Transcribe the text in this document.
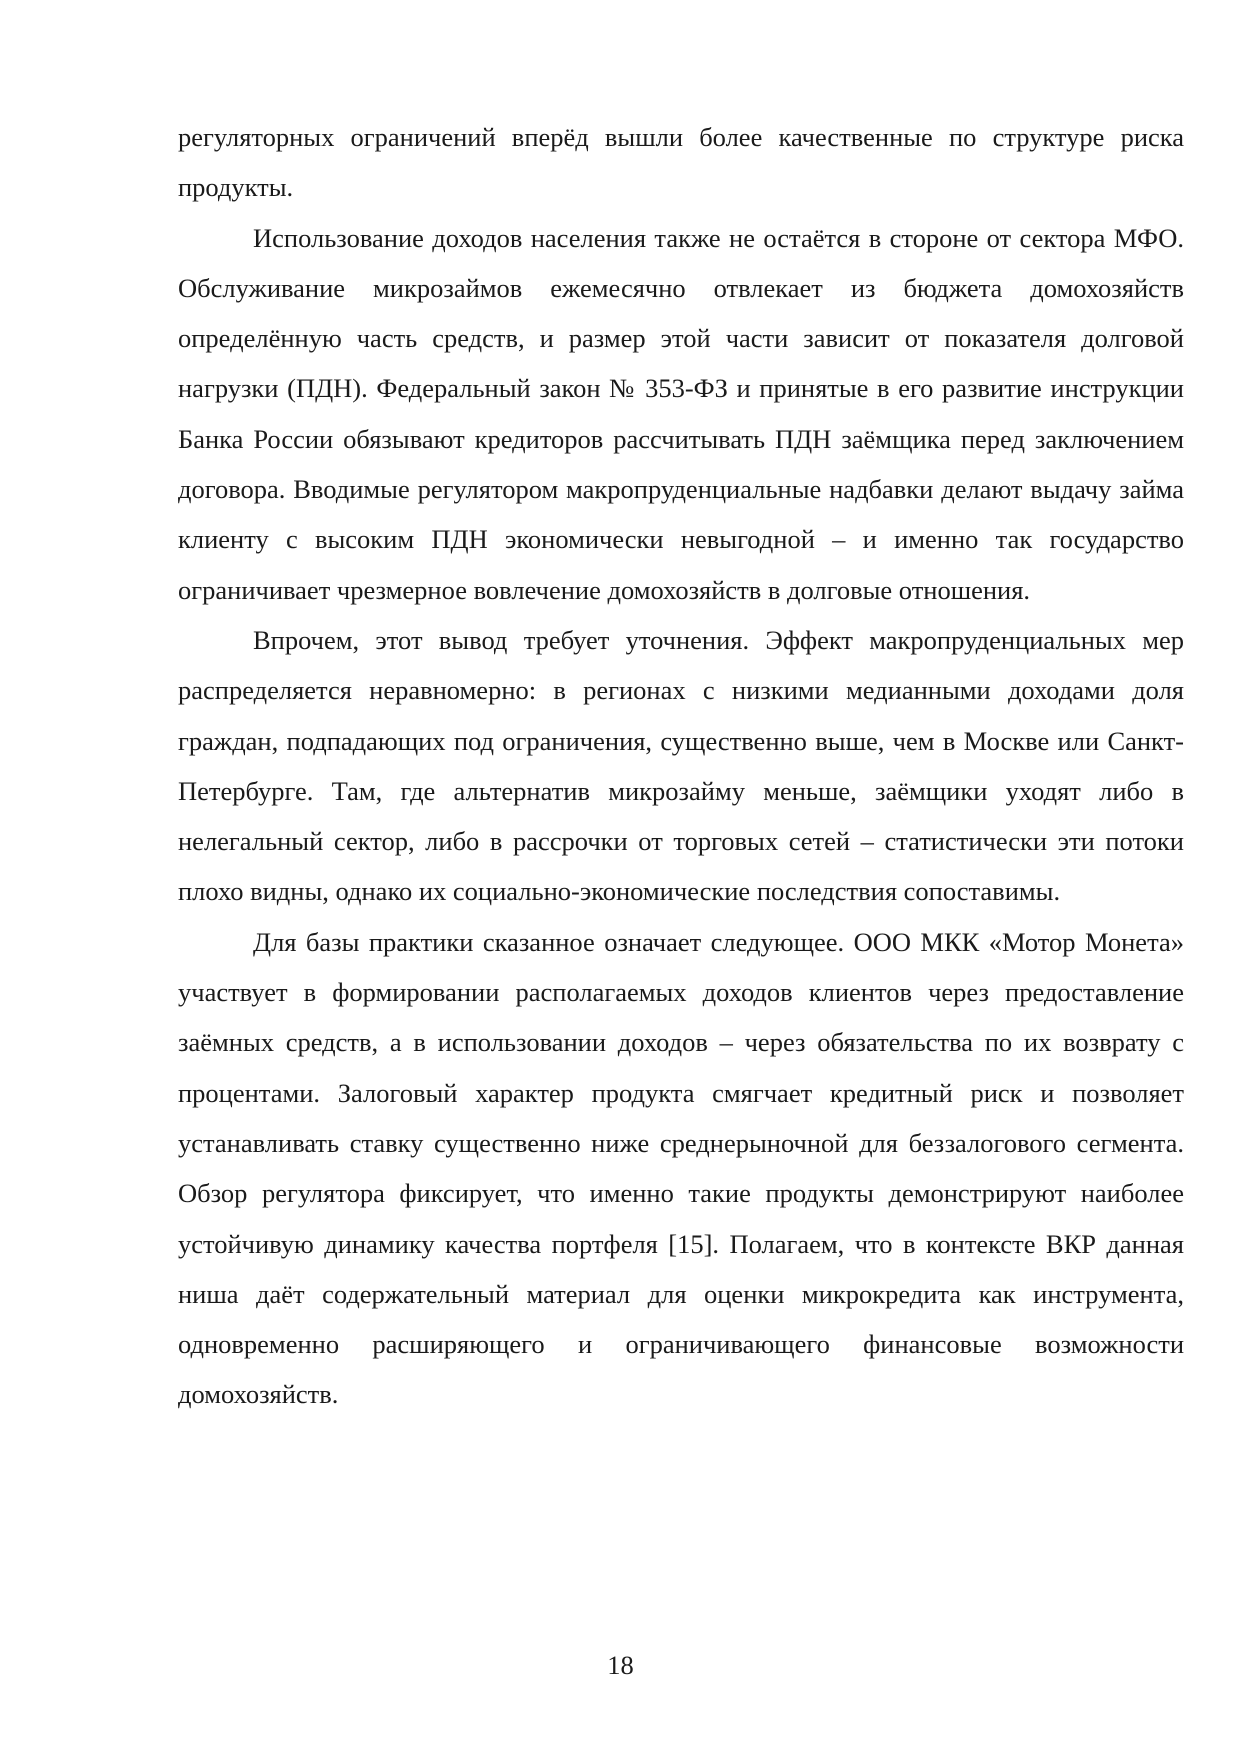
регуляторных ограничений вперёд вышли более качественные по структуре риска продукты.

Использование доходов населения также не остаётся в стороне от сектора МФО. Обслуживание микрозаймов ежемесячно отвлекает из бюджета домохозяйств определённую часть средств, и размер этой части зависит от показателя долговой нагрузки (ПДН). Федеральный закон № 353-ФЗ и принятые в его развитие инструкции Банка России обязывают кредиторов рассчитывать ПДН заёмщика перед заключением договора. Вводимые регулятором макропруденциальные надбавки делают выдачу займа клиенту с высоким ПДН экономически невыгодной – и именно так государство ограничивает чрезмерное вовлечение домохозяйств в долговые отношения.

Впрочем, этот вывод требует уточнения. Эффект макропруденциальных мер распределяется неравномерно: в регионах с низкими медианными доходами доля граждан, подпадающих под ограничения, существенно выше, чем в Москве или Санкт-Петербурге. Там, где альтернатив микрозайму меньше, заёмщики уходят либо в нелегальный сектор, либо в рассрочки от торговых сетей – статистически эти потоки плохо видны, однако их социально-экономические последствия сопоставимы.

Для базы практики сказанное означает следующее. ООО МКК «Мотор Монета» участвует в формировании располагаемых доходов клиентов через предоставление заёмных средств, а в использовании доходов – через обязательства по их возврату с процентами. Залоговый характер продукта смягчает кредитный риск и позволяет устанавливать ставку существенно ниже среднерыночной для беззалогового сегмента. Обзор регулятора фиксирует, что именно такие продукты демонстрируют наиболее устойчивую динамику качества портфеля [15]. Полагаем, что в контексте ВКР данная ниша даёт содержательный материал для оценки микрокредита как инструмента, одновременно расширяющего и ограничивающего финансовые возможности домохозяйств.

18
